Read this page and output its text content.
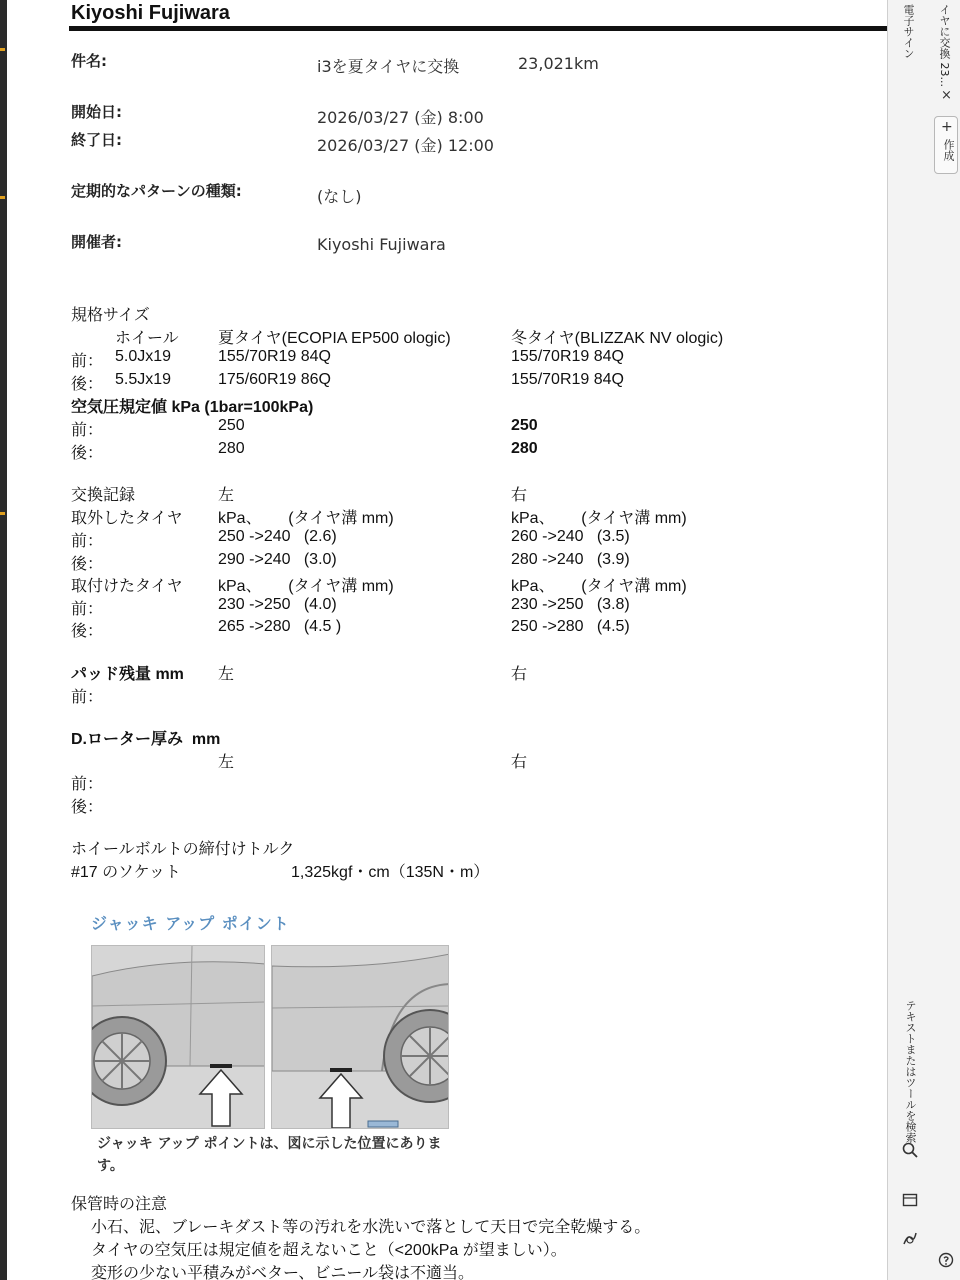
Kiyoshi Fujiwara
件名:	i3を夏タイヤに交換	23,021km
開始日:	2026/03/27 (金) 8:00
終了日:	2026/03/27 (金) 12:00
定期的なパターンの種類:	(なし)
開催者:	Kiyoshi Fujiwara
規格サイズ
ホイール 夏タイヤ(ECOPIA EP500 ologic)	冬タイヤ(BLIZZAK NV ologic)
前： 5.0Jx19	155/70R19 84Q	155/70R19 84Q
後： 5.5Jx19	175/60R19 86Q	155/70R19 84Q
空気圧規定値 kPa (1bar=100kPa)
前：	250	250
後：	280	280
交換記録	左	右
取外したタイヤ kPa、      (タイヤ溝 mm)	kPa、      (タイヤ溝 mm)
前：	250 ->240   (2.6)	260 ->240   (3.5)
後：	290 ->240   (3.0)	280 ->240   (3.9)
取付けたタイヤ kPa、      (タイヤ溝 mm)	kPa、      (タイヤ溝 mm)
前：	230 ->250   (4.0)	230 ->250   (3.8)
後：	265 ->280   (4.5 )	250 ->280   (4.5)
パッド残量 mm 左	右
前：
D.ローター厚み  mm
左	右
前：
後：
ホイールボルトの締付けトルク
#17 のソケット	1,325kgf・cm（135N・m）
ジャッキ アップ ポイント
ジャッキ アップ ポイントは、図に示した位置にあります。
保管時の注意
小石、泥、ブレーキダスト等の汚れを水洗いで落として天日で完全乾燥する。
タイヤの空気圧は規定値を超えないこと（<200kPa が望ましい）。
変形の少ない平積みがベター、ビニール袋は不適当。
電子サイン イヤに交換 23...
×
+
作成
テキストまたはツールを検索
